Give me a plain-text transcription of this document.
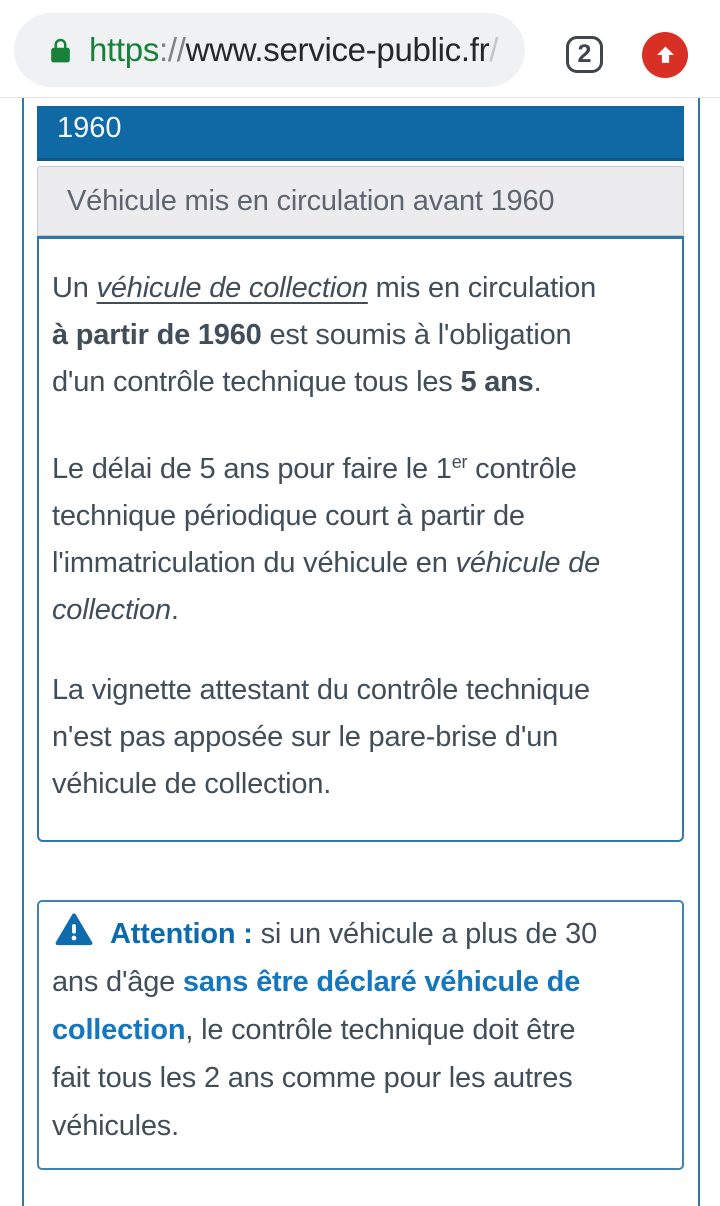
https://www.service-public.fr/	2
1960
Véhicule mis en circulation avant 1960
Un véhicule de collection mis en circulation
à partir de 1960 est soumis à l'obligation
d'un contrôle technique tous les 5 ans.
Le délai de 5 ans pour faire le 1er contrôle
technique périodique court à partir de
l'immatriculation du véhicule en véhicule de
collection.
La vignette attestant du contrôle technique
n'est pas apposée sur le pare-brise d'un
véhicule de collection.
Attention : si un véhicule a plus de 30
ans d'âge sans être déclaré véhicule de
collection, le contrôle technique doit être
fait tous les 2 ans comme pour les autres
véhicules.
